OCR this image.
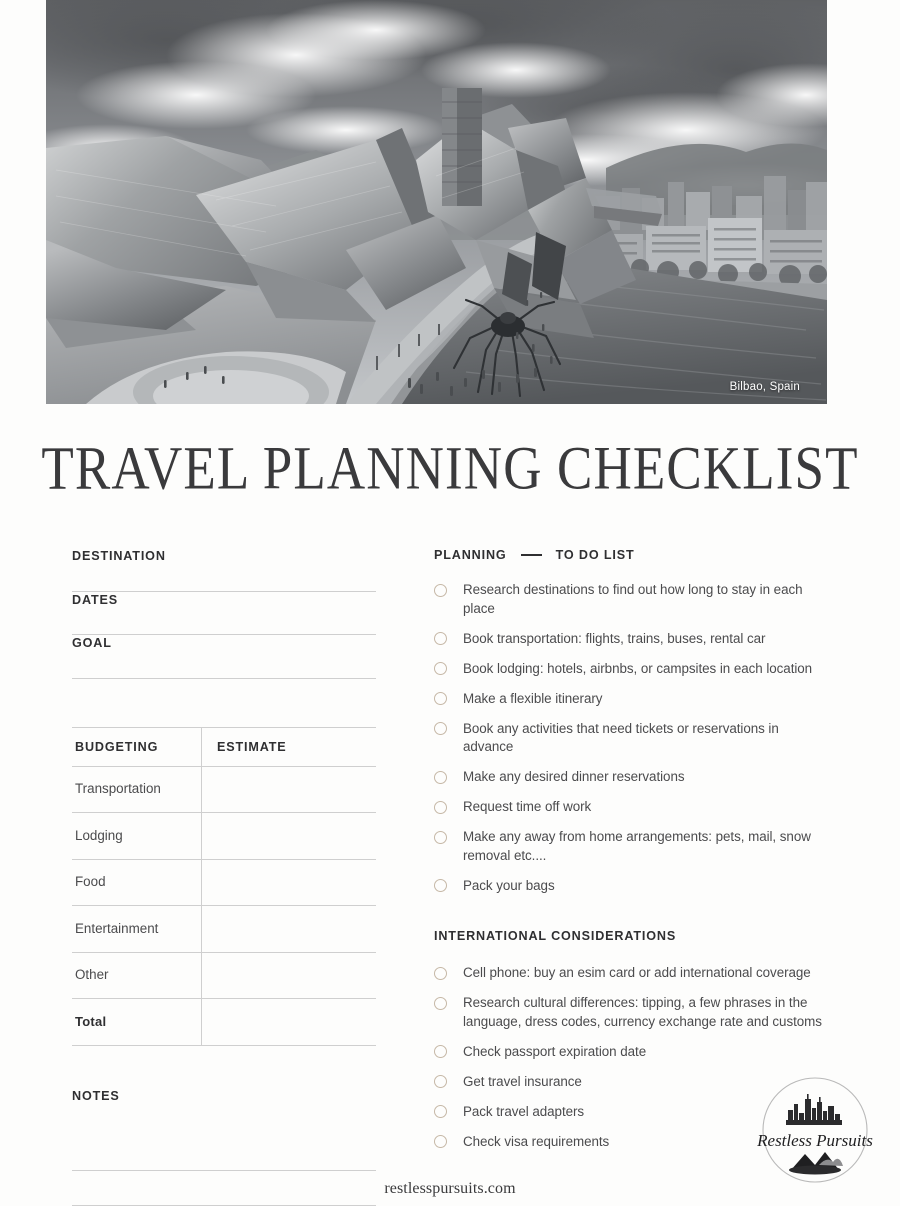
Bilbao, Spain
TRAVEL PLANNING CHECKLIST
DESTINATION
DATES
GOAL
BUDGETING	ESTIMATE
Transportation
Lodging
Food
Entertainment
Other
Total
NOTES
PLANNING	TO DO LIST
Research destinations to find out how long to stay in each place
Book transportation: flights, trains, buses, rental car
Book lodging: hotels, airbnbs, or campsites in each location
Make a flexible itinerary
Book any activities that need tickets or reservations in advance
Make any desired dinner reservations
Request time off work
Make any away from home arrangements: pets, mail, snow removal etc....
Pack your bags
INTERNATIONAL CONSIDERATIONS
Cell phone: buy an esim card or add international coverage
Research cultural differences: tipping, a few phrases in the language, dress codes, currency exchange rate and customs
Check passport expiration date
Get travel insurance
Pack travel adapters
Check visa requirements	Restless Pursuits
restlesspursuits.com
